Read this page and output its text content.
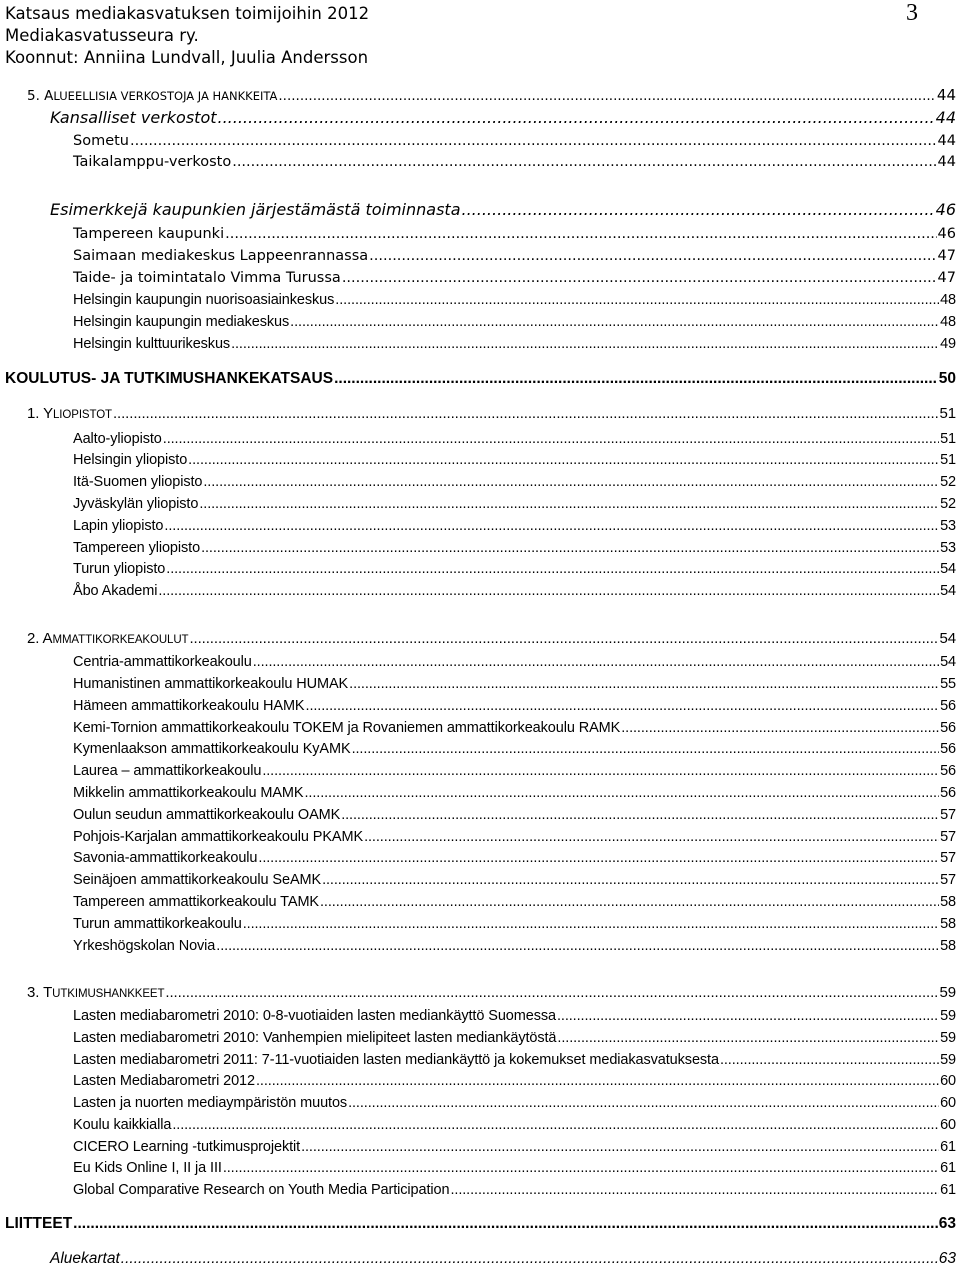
Katsaus mediakasvatuksen toimijoihin 2012
Mediakasvatusseura ry.
Koonnut: Anniina Lundvall, Juulia Andersson
3
5. ALUEELLISIA VERKOSTOJA JA HANKKEITA .....	44
Kansalliset verkostot .....	44
Sometu .....	44
Taikalamppu-verkosto .....	44
Esimerkkejä kaupunkien järjestämästä toiminnasta .....	46
Tampereen kaupunki .....	46
Saimaan mediakeskus Lappeenrannassa .....	47
Taide- ja toimintatalo Vimma Turussa .....	47
Helsingin kaupungin nuorisoasiainkeskus .....	48
Helsingin kaupungin mediakeskus .....	48
Helsingin kulttuurikeskus .....	49
KOULUTUS- JA TUTKIMUSHANKEKATSAUS .....	50
1. YLIOPISTOT .....	51
Aalto-yliopisto .....	51
Helsingin yliopisto .....	51
Itä-Suomen yliopisto .....	52
Jyväskylän yliopisto .....	52
Lapin yliopisto .....	53
Tampereen yliopisto .....	53
Turun yliopisto .....	54
Åbo Akademi .....	54
2. AMMATTIKORKEAKOULUT .....	54
Centria-ammattikorkeakoulu .....	54
Humanistinen ammattikorkeakoulu HUMAK .....	55
Hämeen ammattikorkeakoulu HAMK .....	56
Kemi-Tornion ammattikorkeakoulu TOKEM ja Rovaniemen ammattikorkeakoulu RAMK .....	56
Kymenlaakson ammattikorkeakoulu KyAMK .....	56
Laurea – ammattikorkeakoulu .....	56
Mikkelin ammattikorkeakoulu MAMK .....	56
Oulun seudun ammattikorkeakoulu OAMK .....	57
Pohjois-Karjalan ammattikorkeakoulu PKAMK .....	57
Savonia-ammattikorkeakoulu .....	57
Seinäjoen ammattikorkeakoulu SeAMK .....	57
Tampereen ammattikorkeakoulu TAMK .....	58
Turun ammattikorkeakoulu .....	58
Yrkeshögskolan Novia .....	58
3. TUTKIMUSHANKKEET .....	59
Lasten mediabarometri 2010: 0-8-vuotiaiden lasten mediankäyttö Suomessa .....	59
Lasten mediabarometri 2010: Vanhempien mielipiteet lasten mediankäytöstä .....	59
Lasten mediabarometri 2011: 7-11-vuotiaiden lasten mediankäyttö ja kokemukset mediakasvatuksesta .....	59
Lasten Mediabarometri 2012 .....	60
Lasten ja nuorten mediaympäristön muutos .....	60
Koulu kaikkialla .....	60
CICERO Learning -tutkimusprojektit .....	61
Eu Kids Online I, II ja III .....	61
Global Comparative Research on Youth Media Participation .....	61
LIITTEET .....	63
Aluekartat .....	63
